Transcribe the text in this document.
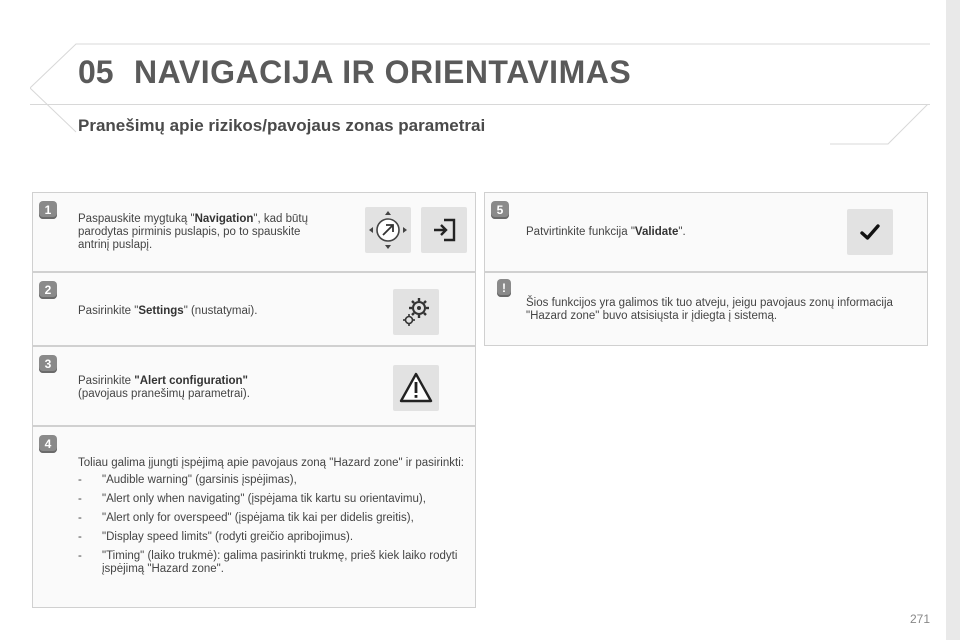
05 NAVIGACIJA IR ORIENTAVIMAS
Pranešimų apie rizikos/pavojaus zonas parametrai
1
Paspauskite mygtuką "Navigation", kad būtų parodytas pirminis puslapis, po to spauskite antrinį puslapį.
2
Pasirinkite "Settings" (nustatymai).
3
Pasirinkite "Alert configuration"
(pavojaus pranešimų parametrai).
4
Toliau galima įjungti įspėjimą apie pavojaus zoną "Hazard zone" ir pasirinkti:
- "Audible warning" (garsinis įspėjimas),
- "Alert only when navigating" (įspėjama tik kartu su orientavimu),
- "Alert only for overspeed" (įspėjama tik kai per didelis greitis),
- "Display speed limits" (rodyti greičio apribojimus).
- "Timing" (laiko trukmė): galima pasirinkti trukmę, prieš kiek laiko rodyti įspėjimą "Hazard zone".
5
Patvirtinkite funkcija "Validate".
!
Šios funkcijos yra galimos tik tuo atveju, jeigu pavojaus zonų informacija "Hazard zone" buvo atsisiųsta ir įdiegta į sistemą.
271
